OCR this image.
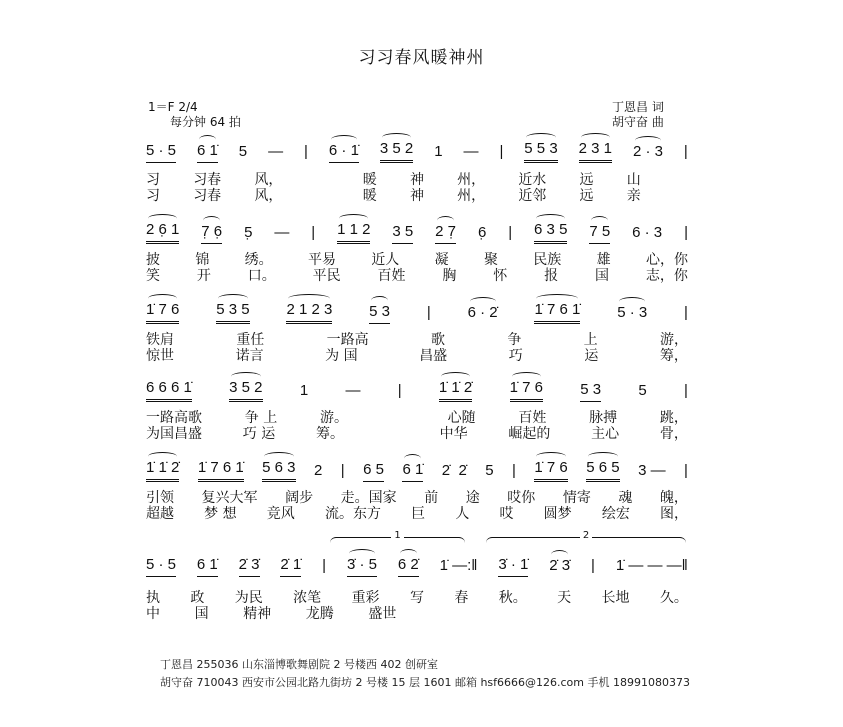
习习春风暖神州
1＝F 2/4
每分钟 64 拍
丁恩昌 词
胡守奋 曲
5 · 5 6 1̇ 5 — | 6 · 1̇ 3 5 2 1 — | 5 5 3 2 3 1 2 · 3 |
习 习春 风，	暖 神 州， 近水 远 山
习 习春 风，	暖 神 州， 近邻 远 亲
2 6̣ 1 7̣ 6̣ 5̣ — | 1 1 2 3 5 2 7̣ 6̣ | 6 3 5 7 5 6 · 3 |
披	锦	绣。	平易	近人	凝	聚	民族	雄	心，你
笑	开	口。	平民	百姓	胸	怀	报	国	志，你
1̇ 7 6 5 3 5 2 1 2 3 5 3 | 6 · 2̇ 1̇ 7 6 1̇ 5 · 3 |
铁肩	重任	一路高	歌	争	上	游，
惊世	诺言	为 国	昌盛	巧	运	筹，
6 6 6 1̇ 3 5 2 1 — | 1̇ 1̇ 2̇ 1̇ 7 6 5 3 5 |
一路高歌	争 上	游。	心随	百姓	脉搏	跳，
为国昌盛	巧 运	筹。	中华	崛起的	主心	骨，
1̇ 1̇ 2̇ 1̇ 7 6 1̇ 5 6 3 2 | 6 5 6 1̇ 2̇  2̇ 5 | 1̇ 7 6 5 6 5 3 — |
引领 复兴大军 阔步 走。国家 前 途 哎你 情寄 魂 魄，
超越 梦 想 竞风 流。东方 巨 人 哎 圆梦 绘宏 图，
5 · 5 6 1̇ 2̇ 3̇ 2̇ 1̇ | 3̇ · 5 6 2̇ 1̇ —:‖ 3̇ · 1̇ 2̇ 3̇ | 1̇ — — —‖
执 政 为民 浓笔 重彩 写 春 秋。 天 长地 久。
中 国 精神 龙腾 盛世
1	2
丁恩昌 255036 山东淄博歌舞剧院 2 号楼西 402 创研室
胡守奋 710043 西安市公园北路九街坊 2 号楼 15 层 1601 邮箱 hsf6666@126.com 手机 18991080373
